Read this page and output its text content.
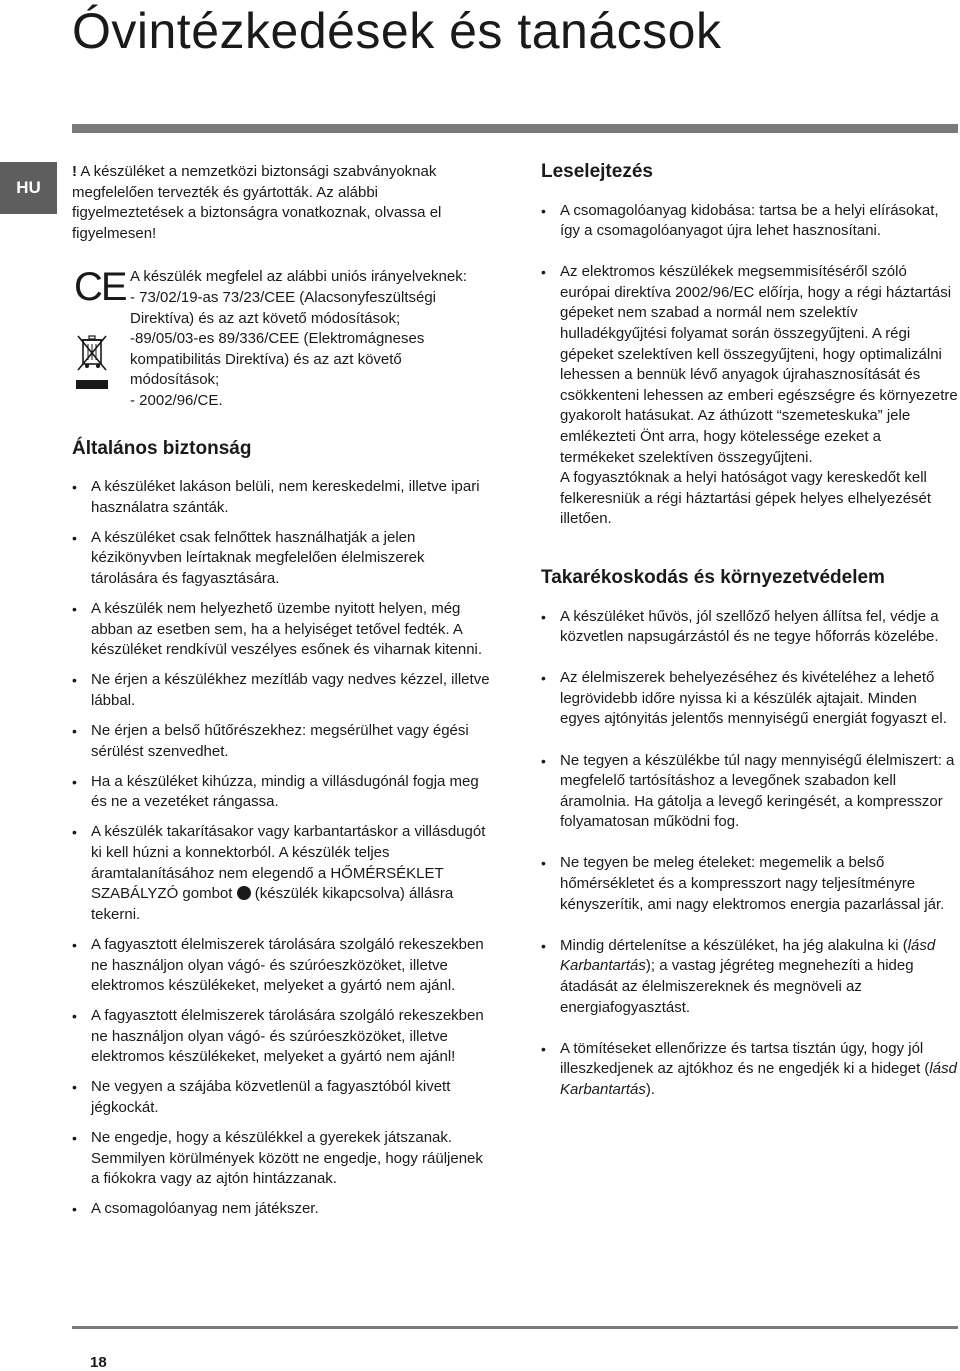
Óvintézkedések és tanácsok
HU

! A készüléket a nemzetközi biztonsági szabványoknak megfelelően tervezték és gyártották. Az alábbi figyelmeztetések a biztonságra vonatkoznak, olvassa el figyelmesen!

CE A készülék megfelel az alábbi uniós irányelveknek:

- 73/02/19-as 73/23/CEE (Alacsonyfeszültségi Direktíva) és az azt követő módosítások;

-89/05/03-es 89/336/CEE (Elektromágneses kompatibilitás Direktíva) és az azt követő módosítások;

- 2002/96/CE.

Általános biztonság
• A készüléket lakáson belüli, nem kereskedelmi, illetve ipari használatra szánták.
• A készüléket csak felnőttek használhatják a jelen kézikönyvben leírtaknak megfelelően élelmiszerek tárolására és fagyasztására.
• A készülék nem helyezhető üzembe nyitott helyen, még abban az esetben sem, ha a helyiséget tetővel fedték. A készüléket rendkívül veszélyes esőnek és viharnak kitenni.
• Ne érjen a készülékhez mezítláb vagy nedves kézzel, illetve lábbal.
• Ne érjen a belső hűtőrészekhez: megsérülhet vagy égési sérülést szenvedhet.
• Ha a készüléket kihúzza, mindig a villásdugónál fogja meg és ne a vezetéket rángassa.
• A készülék takarításakor vagy karbantartáskor a villásdugót ki kell húzni a konnektorból. A készülék teljes áramtalanításához nem elegendő a HŐMÉRSÉKLET SZABÁLYZÓ gombot  (készülék kikapcsolva) állásra tekerni.
• A fagyasztott élelmiszerek tárolására szolgáló rekeszekben ne használjon olyan vágó- és szúróeszközöket, illetve elektromos készülékeket, melyeket a gyártó nem ajánl.
• A fagyasztott élelmiszerek tárolására szolgáló rekeszekben ne használjon olyan vágó- és szúróeszközöket, illetve elektromos készülékeket, melyeket a gyártó nem ajánl!
• Ne vegyen a szájába közvetlenül a fagyasztóból kivett jégkockát.
• Ne engedje, hogy a készülékkel a gyerekek játszanak. Semmilyen körülmények között ne engedje, hogy ráüljenek a fiókokra vagy az ajtón hintázzanak.
• A csomagolóanyag nem játékszer.
Leselejtezés
• A csomagolóanyag kidobása: tartsa be a helyi elírásokat, így a csomagolóanyagot újra lehet hasznosítani.
• Az elektromos készülékek megsemmisítéséről szóló európai direktíva 2002/96/EC előírja, hogy a régi háztartási gépeket nem szabad a normál nem szelektív hulladékgyűjtési folyamat során összegyűjteni. A régi gépeket szelektíven kell összegyűjteni, hogy optimalizálni lehessen a bennük lévő anyagok újrahasznosítását és csökkenteni lehessen az emberi egészségre és környezetre gyakorolt hatásukat. Az áthúzott “szemeteskuka” jele emlékezteti Önt arra, hogy kötelessége ezeket a termékeket szelektíven összegyűjteni.
A fogyasztóknak a helyi hatóságot vagy kereskedőt kell felkeresniük a régi háztartási gépek helyes elhelyezését illetően.
Takarékoskodás és környezetvédelem
• A készüléket hűvös, jól szellőző helyen állítsa fel, védje a közvetlen napsugárzástól és ne tegye hőforrás közelébe.
• Az élelmiszerek behelyezéséhez és kivételéhez a lehető legrövidebb időre nyissa ki a készülék ajtajait. Minden egyes ajtónyitás jelentős mennyiségű energiát fogyaszt el.
• Ne tegyen a készülékbe túl nagy mennyiségű élelmiszert: a megfelelő tartósításhoz a levegőnek szabadon kell áramolnia. Ha gátolja a levegő keringését, a kompresszor folyamatosan működni fog.
• Ne tegyen be meleg ételeket: megemelik a belső hőmérsékletet és a kompresszort nagy teljesítményre kényszerítik, ami nagy elektromos energia pazarlással jár.
• Mindig dértelenítse a készüléket, ha jég alakulna ki (lásd Karbantartás); a vastag jégréteg megnehezíti a hideg átadását az élelmiszereknek és megnöveli az energiafogyasztást.
• A tömítéseket ellenőrizze és tartsa tisztán úgy, hogy jól illeszkedjenek az ajtókhoz és ne engedjék ki a hideget (lásd Karbantartás).
18
